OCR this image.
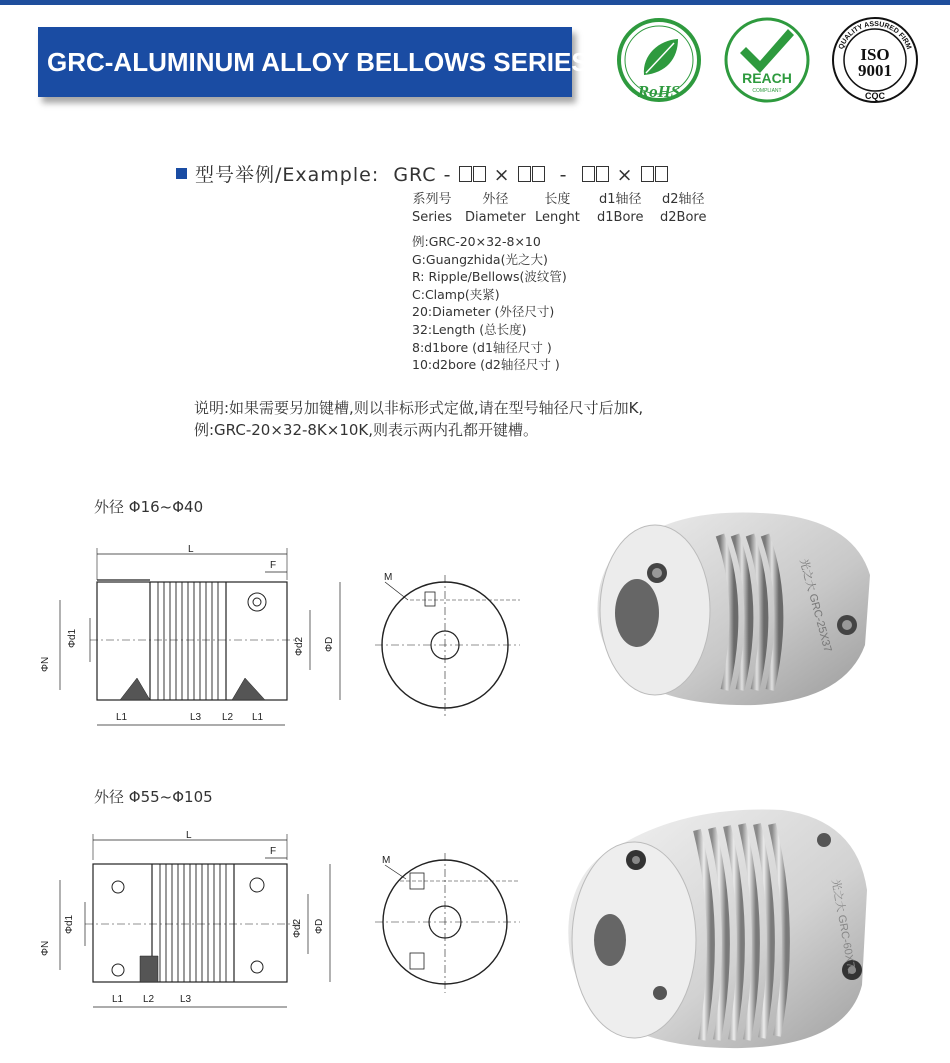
GRC-ALUMINUM ALLOY BELLOWS SERIES
RoHS
REACH
COMPLIANT
QUALITY ASSURED FIRM
ISO
9001
CQC
型号举例/Example: GRC - ×	-	×
系列号
Series
外径
Diameter
长度
Lenght
d1轴径
d1Bore
d2轴径
d2Bore
例:GRC-20×32-8×10
G:Guangzhida(光之大)
R: Ripple/Bellows(波纹管)
C:Clamp(夹紧)
20:Diameter (外径尺寸)
32:Length (总长度)
8:d1bore (d1轴径尺寸 )
10:d2bore (d2轴径尺寸 )
说明:如果需要另加键槽,则以非标形式定做,请在型号轴径尺寸后加K,
例:GRC-20×32-8K×10K,则表示两内孔都开键槽。
外径 Φ16~Φ40
L
F
Φd1
ΦN
Φd2 ΦD
L1	L3 L2 L1
M	光之大 GRC-25X37
外径 Φ55~Φ105
L
F
Φd1
ΦN
Φd2 ΦD
L1 L2	L3
M
光之大 GRC-60X72
